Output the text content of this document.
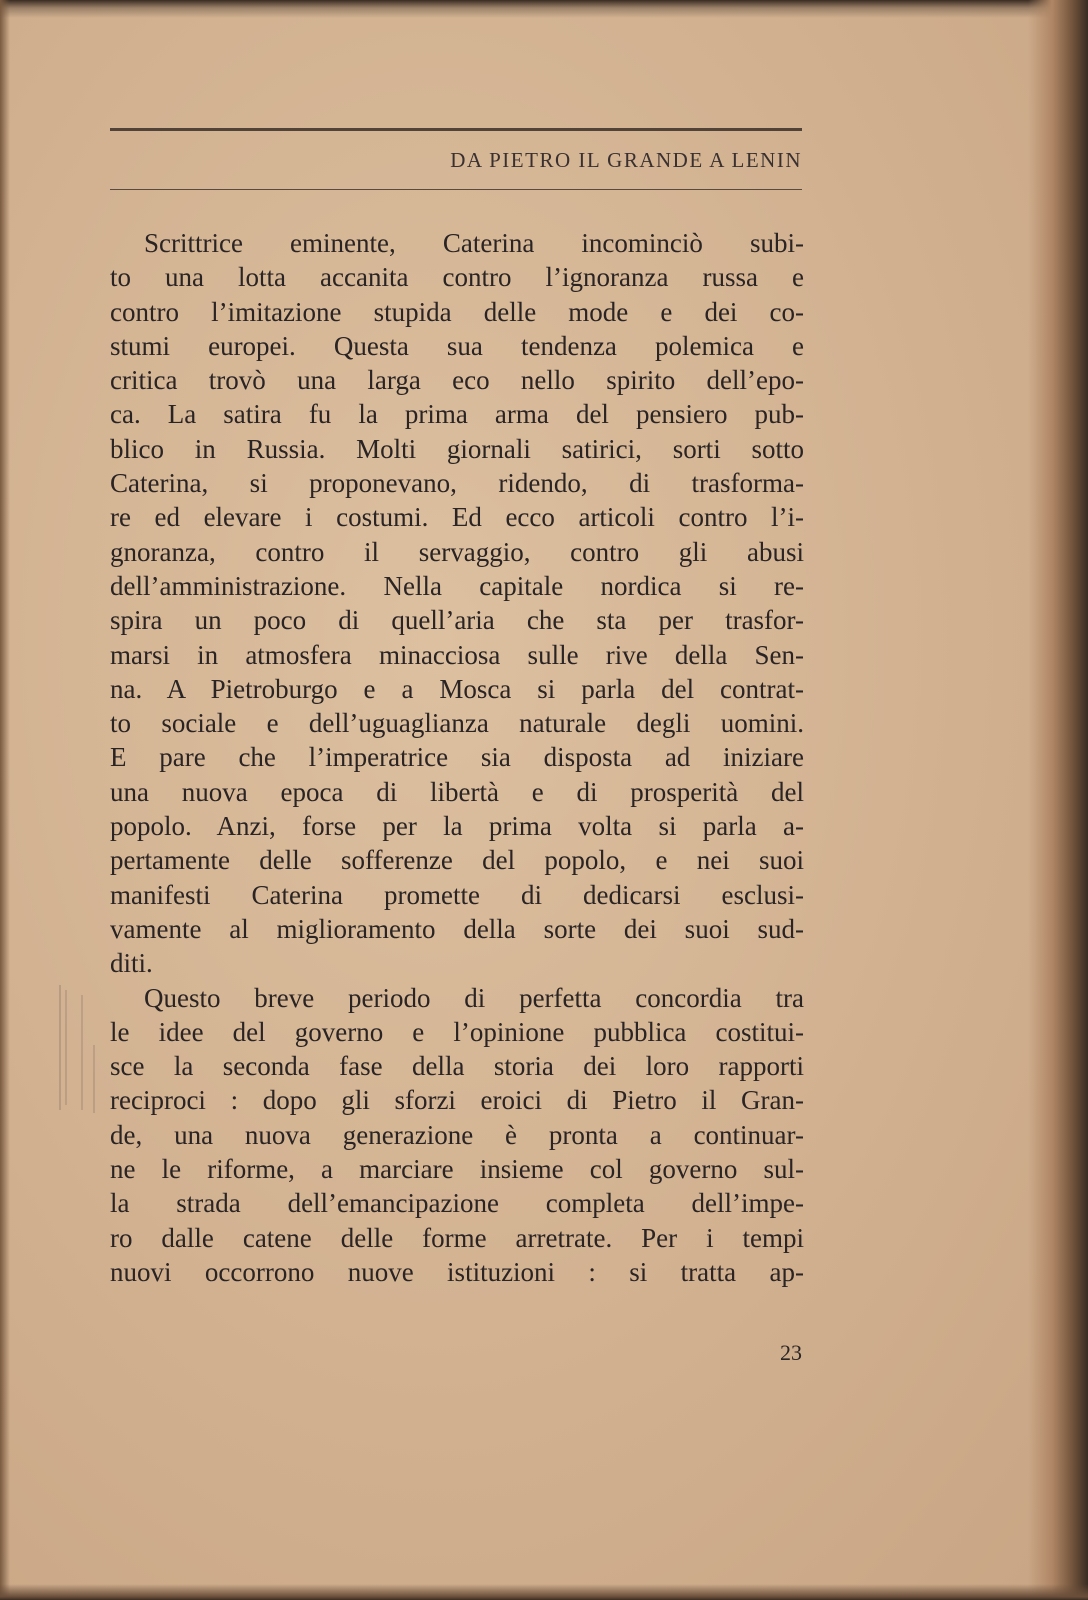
DA PIETRO IL GRANDE A LENIN
Scrittrice eminente, Caterina incominciò subi-
to una lotta accanita contro l’ignoranza russa e
contro l’imitazione stupida delle mode e dei co-
stumi europei. Questa sua tendenza polemica e
critica trovò una larga eco nello spirito dell’epo-
ca. La satira fu la prima arma del pensiero pub-
blico in Russia. Molti giornali satirici, sorti sotto
Caterina, si proponevano, ridendo, di trasforma-
re ed elevare i costumi. Ed ecco articoli contro l’i-
gnoranza, contro il servaggio, contro gli abusi
dell’amministrazione. Nella capitale nordica si re-
spira un poco di quell’aria che sta per trasfor-
marsi in atmosfera minacciosa sulle rive della Sen-
na. A Pietroburgo e a Mosca si parla del contrat-
to sociale e dell’uguaglianza naturale degli uomini.
E pare che l’imperatrice sia disposta ad iniziare
una nuova epoca di libertà e di prosperità del
popolo. Anzi, forse per la prima volta si parla a-
pertamente delle sofferenze del popolo, e nei suoi
manifesti Caterina promette di dedicarsi esclusi-
vamente al miglioramento della sorte dei suoi sud-
diti.
Questo breve periodo di perfetta concordia tra
le idee del governo e l’opinione pubblica costitui-
sce la seconda fase della storia dei loro rapporti
reciproci : dopo gli sforzi eroici di Pietro il Gran-
de, una nuova generazione è pronta a continuar-
ne le riforme, a marciare insieme col governo sul-
la strada dell’emancipazione completa dell’impe-
ro dalle catene delle forme arretrate. Per i tempi
nuovi occorrono nuove istituzioni : si tratta ap-
23
